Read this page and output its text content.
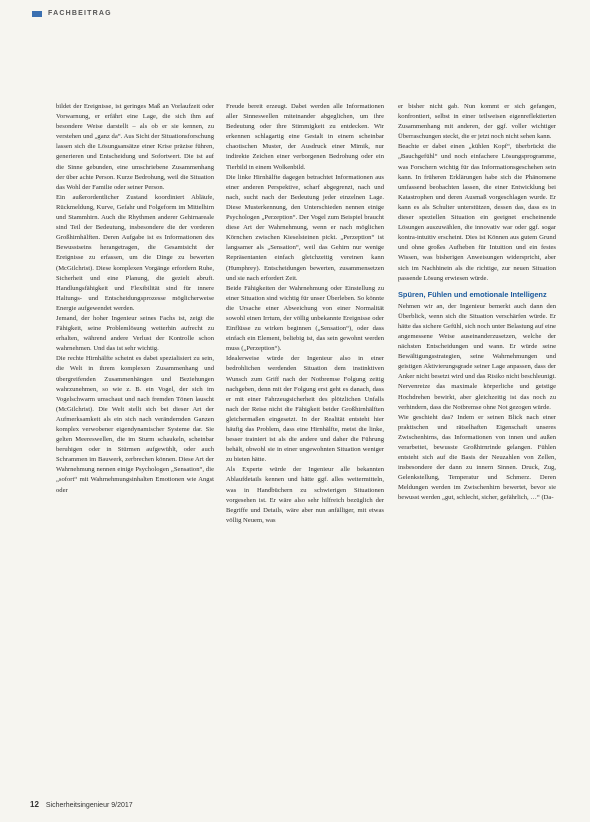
FACHBEITRAG

bildet der Ereignisse, ist geringes Maß an Vorlaufzeit oder Vorwarnung, er erfährt eine Lage, die sich ihm auf besondere Weise darstellt – als ob er sie kennen, zu verstehen und „ganz da“. Aus Sicht der Situationsforschung lassen sich die Lösungsansätze einer Krise präzise führen, generieren und Entscheidung und Sofortwert. Die ist auf die Sinne gebunden, eine umschriebene Zusammenhang der über achte Person. Kurze Bedrohung, weil die Situation das Wohl der Familie oder seiner Person.

Ein außerordentlicher Zustand koordiniert Abläufe, Rückmeldung, Kurve, Gefahr und Folgeform im Mittelhirn und Stammhirn. Auch die Rhythmen anderer Gehirnareale sind Teil der Bedeutung, insbesondere die der vorderen Großhirnhälften. Deren Aufgabe ist es Informationen des Bewusstseins herangetragen, die Gesamtsicht der Ereignisse zu erfassen, um die Dinge zu bewerten (McGilchrist). Diese komplexen Vorgänge erfordern Ruhe, Sicherheit und eine Planung, die gezielt abruft. Handlungsfähigkeit und Flexibilität sind für innere Haltungs- und Entscheidungsprozesse möglicherweise Energie aufgewendet werden.

Jemand, der hoher Ingenieur seines Fachs ist, zeigt die Fähigkeit, seine Problemlösung weiterhin aufrecht zu erhalten, während andere Verlust der Kontrolle schon wahrnehmen. Und das ist sehr wichtig.

Die rechte Hirnhälfte scheint es dabei spezialisiert zu sein, die Welt in ihrem komplexen Zusammenhang und übergreifenden Zusammenhängen und Beziehungen wahrzunehmen, so wie z. B. ein Vogel, der sich im Vogelschwarm umschaut und nach fremden Tönen lauscht (McGilchrist). Die Welt stellt sich bei dieser Art der Aufmerksamkeit als ein sich nach verändernden Ganzen komplex verwobener eigendynamischer Systeme dar. Sie gelten Meereswellen, die im Sturm schaukeln, scheinbar beruhigen oder in Stürmen aufgewühlt, oder auch Schrammen im Bauwerk, zerbrechen können. Diese Art der Wahrnehmung nennen einige Psychologen „Sensation“, die „sofort“ mit Wahrnehmungsinhalten Emotionen wie Angst oder

Freude bereit erzeugt. Dabei werden alle Informationen aller Sinneswellen miteinander abgeglichen, um ihre Bedeutung oder ihre Stimmigkeit zu entdecken. Wir erkennen schlagartig eine Gestalt in einem scheinbar chaotischen Muster, der Ausdruck einer Mimik, nur indirekte Zeichen einer verborgenen Bedrohung oder ein Tierbild in einem Wolkenbild.

Die linke Hirnhälfte dagegen betrachtet Informationen aus einer anderen Perspektive, scharf abgegrenzt, nach und nach, sucht nach der Bedeutung jeder einzelnen Lage. Diese Musterkennung, den Unterschieden nennen einige Psychologen „Perzeption“. Der Vogel zum Beispiel braucht diese Art der Wahrnehmung, wenn er nach möglichen Körnchen zwischen Kieselsteinen pickt. „Perzeption“ ist langsamer als „Sensation“, weil das Gehirn nur wenige Repräsentanten einfach gleichzeitig vereinen kann (Humphrey). Entscheidungen bewerten, zusammensetzen und sie nach erfordert Zeit.

Beide Fähigkeiten der Wahrnehmung oder Einstellung zu einer Situation sind wichtig für unser Überleben. So könnte die Ursache einer Abweichung von einer Normalität sowohl einen Irrtum, der völlig unbekannte Ereignisse oder Einflüsse zu wirken beginnen („Sensation“), oder dass einfach ein Element, beliebig ist, das sein gewohnt werden muss („Perzeption“).

Idealerweise würde der Ingenieur also in einer bedrohlichen werdenden Situation dem instinktiven Wunsch zum Griff nach der Notbremse Folgung zeitig nachgeben, denn mit der Folgung erst geht es danach, dass er mit einer Fahrzeugsicherheit des plötzlichen Unfalls nach der Reise nicht die Fähigkeit beider Großhirnhälften gleichermaßen eingesetzt. In der Realität entsteht hier häufig das Problem, dass eine Hirnhälfte, meist die linke, besser trainiert ist als die andere und daher die Führung behält, obwohl sie in einer ungewohnten Situation weniger zu bieten hätte.

Als Experte würde der Ingenieur alle bekannten Ablaufdetails kennen und hätte ggf. alles weitermitteln, was in Handbüchern zu schwierigen Situationen vorgesehen ist. Er wäre also sehr hilfreich bezüglich der Begriffe und Details, wäre aber nun anfälliger, mit etwas völlig Neuem, was

er bisher nicht gab. Nun kommt er sich gefangen, konfrontiert, selbst in einer teilweisen eigenreflektierten Zusammenhang mit anderen, der ggf. voller wichtiger Überraschungen steckt, die er jetzt noch nicht sehen kann.

Beachte er dabei einen „kühlen Kopf“, überbrückt die „Bauchgefühl“ und noch einfachere Lösungsprogramme, was Forschern wichtig für das Informationsgeschehen sein kann. In früheren Erklärungen habe sich die Phänomene umfassend beobachten lassen, die einer Entwicklung bei Katastrophen und deren Ausmaß vorgeschlagen wurde. Er kann es als Schulter unterstützen, dessen das, dass es in dieser speziellen Situation ein geeignet erscheinende Lösungen auszuwählen, die innovativ war oder ggf. sogar kontra-intuitiv erscheint. Dies ist Können aus gutem Grund und ohne großes Aufheben für Intuition und ein festes Wissen, was bisherigen Anweisungen widerspricht, aber sich im Nachhinein als die richtige, zur neuen Situation passende Lösung erwiesen würde.

Spüren, Fühlen und emotionale Intelligenz

Nehmen wir an, der Ingenieur bemerkt auch dann den Überblick, wenn sich die Situation verschärfen würde. Er hätte das sichere Gefühl, sich noch unter Belastung auf eine angemessene Weise auseinanderzusetzen, welche der nächsten Entscheidungen und wann. Er würde seine Bewältigungsstrategien, seine Wahrnehmungen und geistigen Aktivierungsgrade seiner Lage anpassen, dass der Anker nicht besetzt wird und das Risiko nicht beschleunigt. Nervenreize das maximale körperliche und geistige Hochdrehen bewirkt, aber gleichzeitig ist das noch zu verhindern, dass die Notbremse ohne Not gezogen würde.

Wie geschieht das? Indem er seinen Blick nach einer praktischen und rätselhaften Eigenschaft unseres Zwischenhirns, das Informationen von innen und außen verarbeitet, bewusste Großhirnrinde gelangen. Fühlen entsteht sich auf die Basis der Neuzahlen von Zellen, insbesondere der dann zu innern Sinnen. Druck, Zug, Gelenkstellung, Temperatur und Schmerz. Deren Meldungen werden im Zwischenhirn bewertet, bevor sie bewusst werden „gut, schlecht, sicher, gefährlich, …“ (Da-

12 Sicherheitsingenieur 9/2017
